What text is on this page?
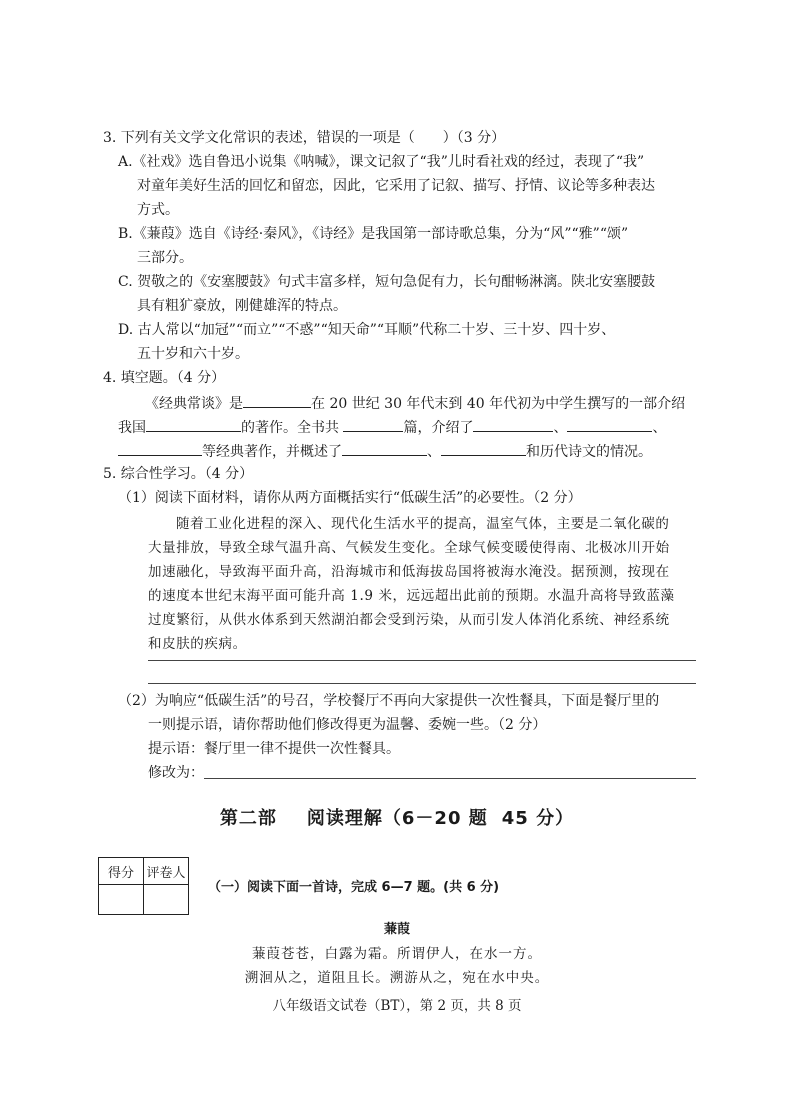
3. 下列有关文学文化常识的表述，错误的一项是（　　）（3 分）
A.《社戏》选自鲁迅小说集《呐喊》，课文记叙了“我”儿时看社戏的经过，表现了“我”
对童年美好生活的回忆和留恋，因此，它采用了记叙、描写、抒情、议论等多种表达
方式。
B.《蒹葭》选自《诗经·秦风》，《诗经》是我国第一部诗歌总集，分为“风”“雅”“颂”
三部分。
C. 贺敬之的《安塞腰鼓》句式丰富多样，短句急促有力，长句酣畅淋漓。陕北安塞腰鼓
具有粗犷豪放，刚健雄浑的特点。
D. 古人常以“加冠”“而立”“不惑”“知天命”“耳顺”代称二十岁、三十岁、四十岁、
五十岁和六十岁。
4. 填空题。（4 分）
《经典常谈》是	在 20 世纪 30 年代末到 40 年代初为中学生撰写的一部介绍
我国	的著作。全书共	篇，介绍了	、	、
等经典著作，并概述了	、	和历代诗文的情况。
5. 综合性学习。（4 分）
（1）阅读下面材料，请你从两方面概括实行“低碳生活”的必要性。（2 分）
随着工业化进程的深入、现代化生活水平的提高，温室气体，主要是二氧化碳的
大量排放，导致全球气温升高、气候发生变化。全球气候变暖使得南、北极冰川开始
加速融化，导致海平面升高，沿海城市和低海拔岛国将被海水淹没。据预测，按现在
的速度本世纪末海平面可能升高 1.9 米，远远超出此前的预期。水温升高将导致蓝藻
过度繁衍，从供水体系到天然湖泊都会受到污染，从而引发人体消化系统、神经系统
和皮肤的疾病。
（2）为响应“低碳生活”的号召，学校餐厅不再向大家提供一次性餐具，下面是餐厅里的
一则提示语，请你帮助他们修改得更为温馨、委婉一些。（2 分）
提示语：餐厅里一律不提供一次性餐具。
修改为：
第二部 阅读理解（6－20 题 45 分）
得分	评卷人

（一）阅读下面一首诗，完成 6—7 题。(共 6 分)
蒹葭
蒹葭苍苍，白露为霜。所谓伊人，在水一方。
溯洄从之，道阻且长。溯游从之，宛在水中央。
八年级语文试卷（BT），第 2 页，共 8 页
